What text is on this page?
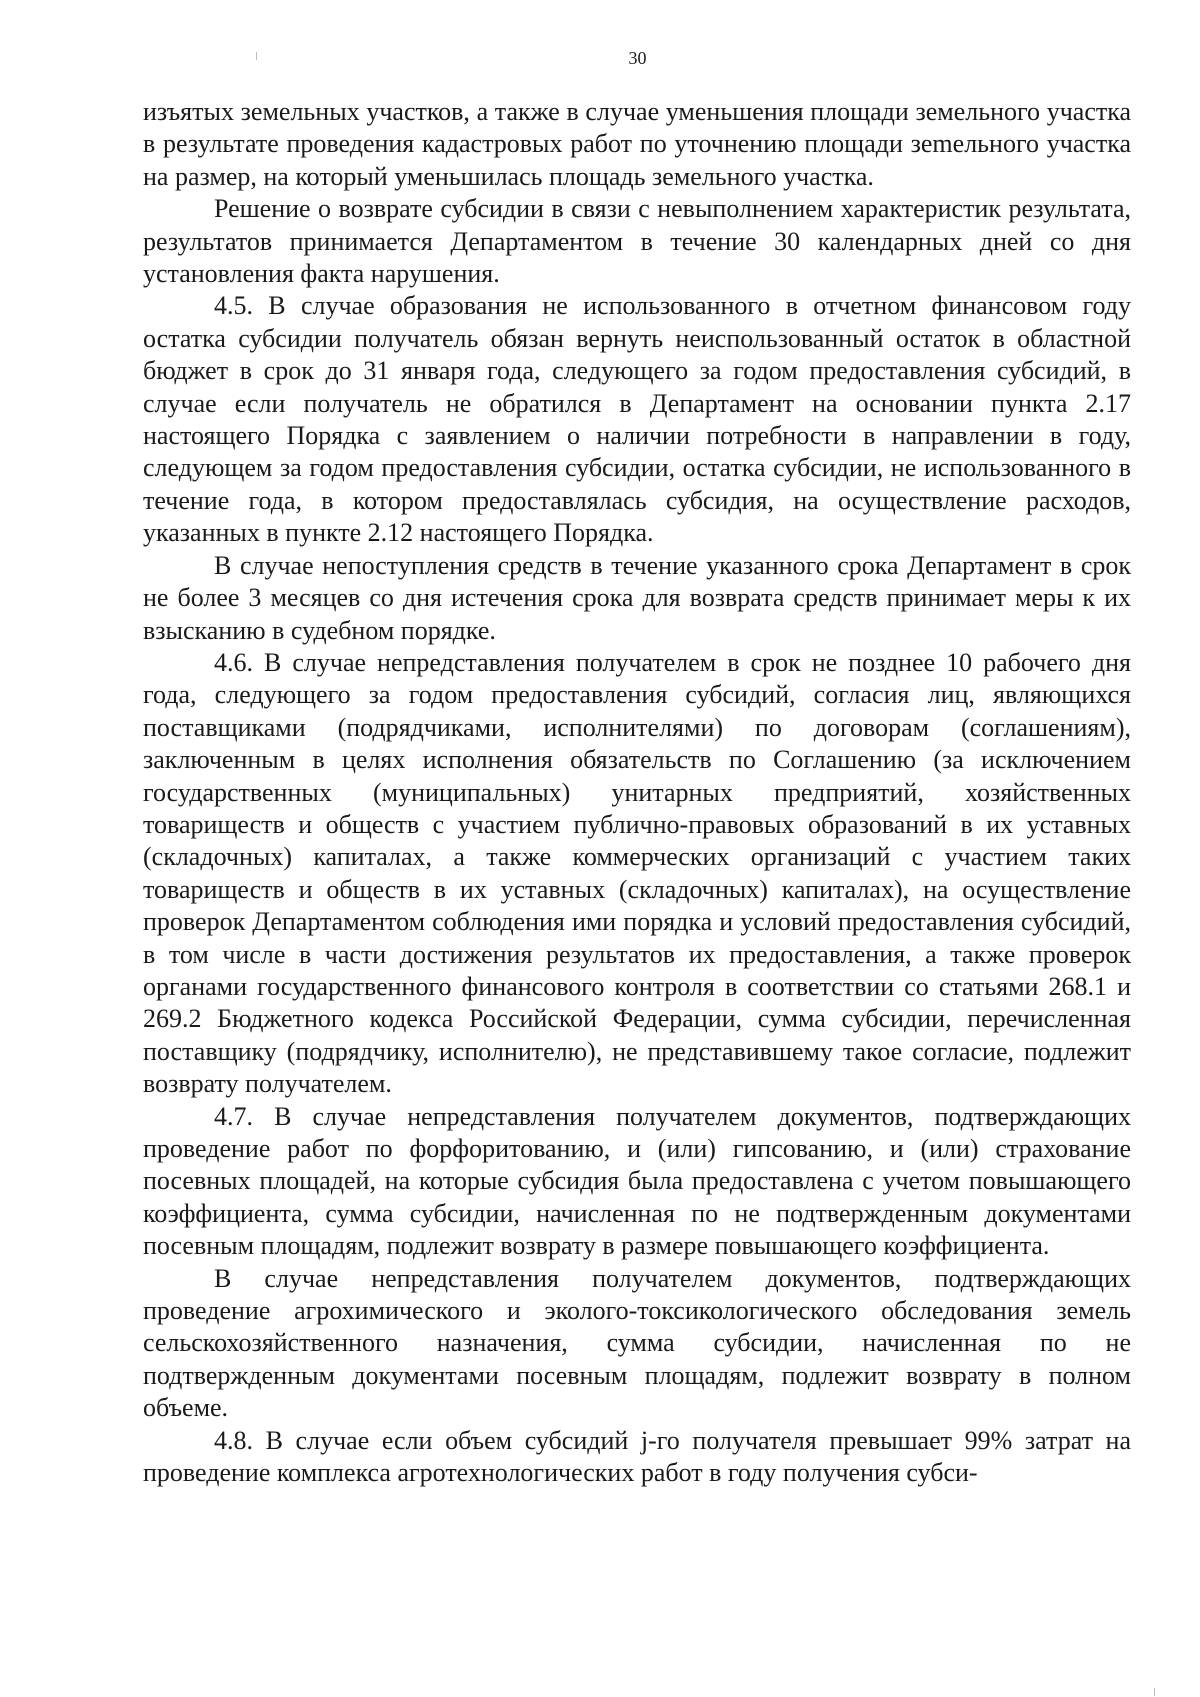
30

изъятых земельных участков, а также в случае уменьшения площади земельного участка в результате проведения кадастровых работ по уточнению площади зеmельного участка на размер, на который уменьшилась площадь земельного участка.

Решение о возврате субсидии в связи с невыполнением характеристик результата, результатов принимается Департаментом в течение 30 календарных дней со дня установления факта нарушения.

4.5. В случае образования не использованного в отчетном финансовом году остатка субсидии получатель обязан вернуть неиспользованный остаток в областной бюджет в срок до 31 января года, следующего за годом предоставления субсидий, в случае если получатель не обратился в Департамент на основании пункта 2.17 настоящего Порядка с заявлением о наличии потребности в направлении в году, следующем за годом предоставления субсидии, остатка субсидии, не использованного в течение года, в котором предоставлялась субсидия, на осуществление расходов, указанных в пункте 2.12 настоящего Порядка.

В случае непоступления средств в течение указанного срока Департамент в срок не более 3 месяцев со дня истечения срока для возврата средств принимает меры к их взысканию в судебном порядке.

4.6. В случае непредставления получателем в срок не позднее 10 рабочего дня года, следующего за годом предоставления субсидий, согласия лиц, являющихся поставщиками (подрядчиками, исполнителями) по договорам (соглашениям), заключенным в целях исполнения обязательств по Соглашению (за исключением государственных (муниципальных) унитарных предприятий, хозяйственных товариществ и обществ с участием публично-правовых образований в их уставных (складочных) капиталах, а также коммерческих организаций с участием таких товариществ и обществ в их уставных (складочных) капиталах), на осуществление проверок Департаментом соблюдения ими порядка и условий предоставления субсидий, в том числе в части достижения результатов их предоставления, а также проверок органами государственного финансового контроля в соответствии со статьями 268.1 и 269.2 Бюджетного кодекса Российской Федерации, сумма субсидии, перечисленная поставщику (подрядчику, исполнителю), не представившему такое согласие, подлежит возврату получателем.

4.7. В случае непредставления получателем документов, подтверждающих проведение работ по форфоритованию, и (или) гипсованию, и (или) страхование посевных площадей, на которые субсидия была предоставлена с учетом повышающего коэффициента, сумма субсидии, начисленная по не подтвержденным документами посевным площадям, подлежит возврату в размере повышающего коэффициента.

В случае непредставления получателем документов, подтверждающих проведение агрохимического и эколого-токсикологического обследования земель сельскохозяйственного назначения, сумма субсидии, начисленная по не подтвержденным документами посевным площадям, подлежит возврату в полном объеме.

4.8. В случае если объем субсидий j-го получателя превышает 99% затрат на проведение комплекса агротехнологических работ в году получения субси-
